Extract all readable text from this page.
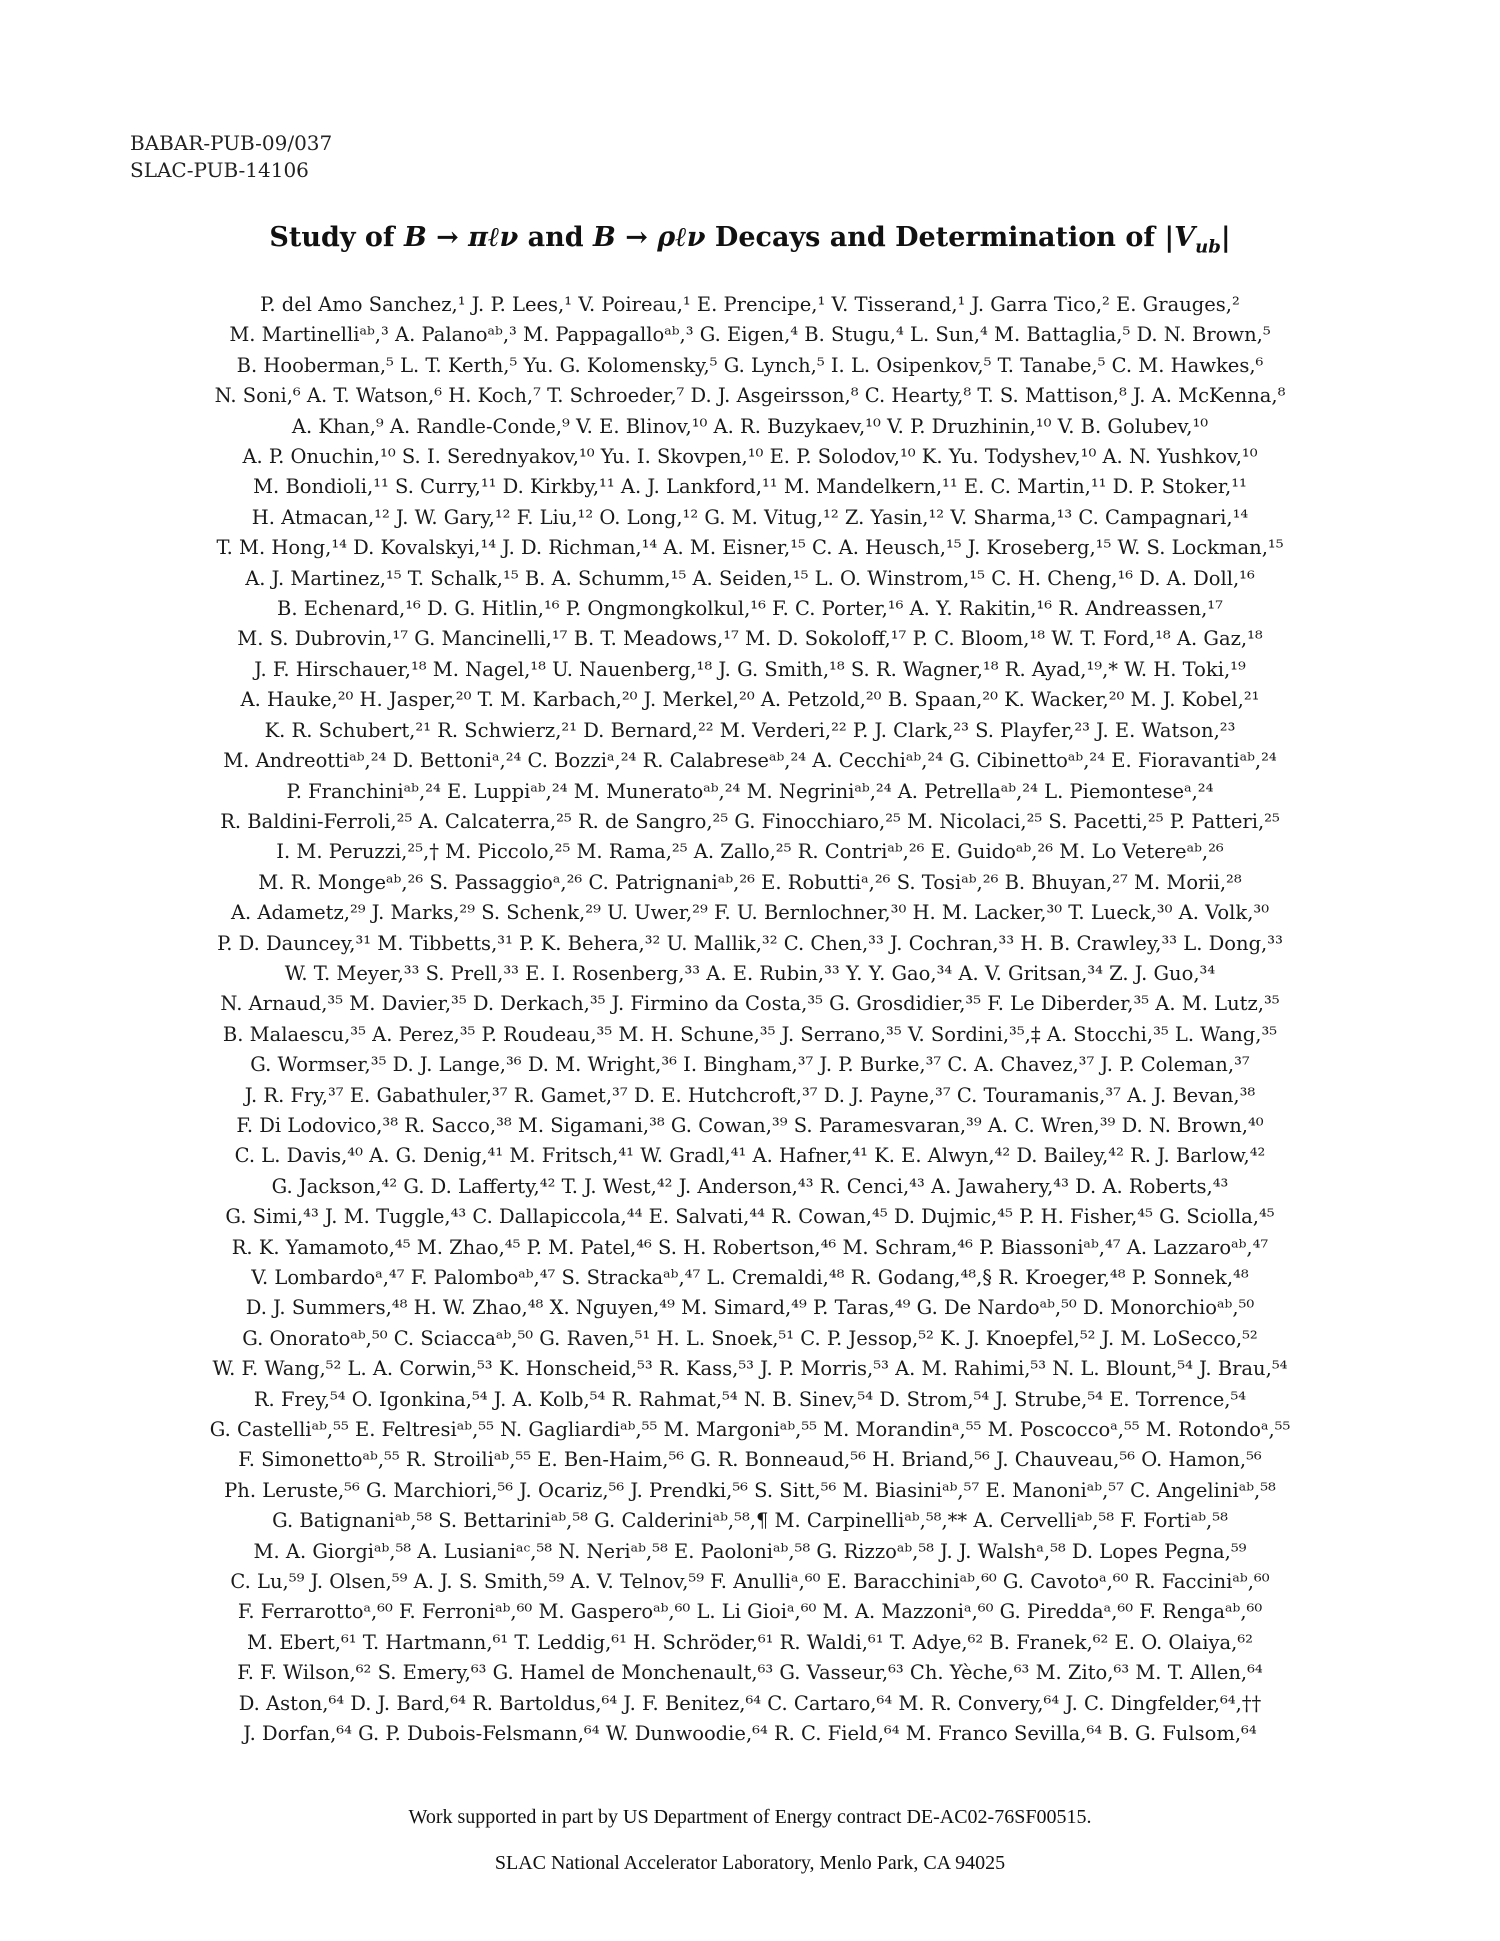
BABAR-PUB-09/037
SLAC-PUB-14106
Study of B → πℓν and B → ρℓν Decays and Determination of $|V_{ub}|$
P. del Amo Sanchez,¹ J. P. Lees,¹ V. Poireau,¹ E. Prencipe,¹ V. Tisserand,¹ J. Garra Tico,² E. Grauges,²
M. Martinelliᵃᵇ,³ A. Palanoᵃᵇ,³ M. Pappagalloᵃᵇ,³ G. Eigen,⁴ B. Stugu,⁴ L. Sun,⁴ M. Battaglia,⁵ D. N. Brown,⁵
B. Hooberman,⁵ L. T. Kerth,⁵ Yu. G. Kolomensky,⁵ G. Lynch,⁵ I. L. Osipenkov,⁵ T. Tanabe,⁵ C. M. Hawkes,⁶
N. Soni,⁶ A. T. Watson,⁶ H. Koch,⁷ T. Schroeder,⁷ D. J. Asgeirsson,⁸ C. Hearty,⁸ T. S. Mattison,⁸ J. A. McKenna,⁸
A. Khan,⁹ A. Randle-Conde,⁹ V. E. Blinov,¹⁰ A. R. Buzykaev,¹⁰ V. P. Druzhinin,¹⁰ V. B. Golubev,¹⁰
A. P. Onuchin,¹⁰ S. I. Serednyakov,¹⁰ Yu. I. Skovpen,¹⁰ E. P. Solodov,¹⁰ K. Yu. Todyshev,¹⁰ A. N. Yushkov,¹⁰
M. Bondioli,¹¹ S. Curry,¹¹ D. Kirkby,¹¹ A. J. Lankford,¹¹ M. Mandelkern,¹¹ E. C. Martin,¹¹ D. P. Stoker,¹¹
H. Atmacan,¹² J. W. Gary,¹² F. Liu,¹² O. Long,¹² G. M. Vitug,¹² Z. Yasin,¹² V. Sharma,¹³ C. Campagnari,¹⁴
T. M. Hong,¹⁴ D. Kovalskyi,¹⁴ J. D. Richman,¹⁴ A. M. Eisner,¹⁵ C. A. Heusch,¹⁵ J. Kroseberg,¹⁵ W. S. Lockman,¹⁵
A. J. Martinez,¹⁵ T. Schalk,¹⁵ B. A. Schumm,¹⁵ A. Seiden,¹⁵ L. O. Winstrom,¹⁵ C. H. Cheng,¹⁶ D. A. Doll,¹⁶
B. Echenard,¹⁶ D. G. Hitlin,¹⁶ P. Ongmongkolkul,¹⁶ F. C. Porter,¹⁶ A. Y. Rakitin,¹⁶ R. Andreassen,¹⁷
M. S. Dubrovin,¹⁷ G. Mancinelli,¹⁷ B. T. Meadows,¹⁷ M. D. Sokoloff,¹⁷ P. C. Bloom,¹⁸ W. T. Ford,¹⁸ A. Gaz,¹⁸
J. F. Hirschauer,¹⁸ M. Nagel,¹⁸ U. Nauenberg,¹⁸ J. G. Smith,¹⁸ S. R. Wagner,¹⁸ R. Ayad,¹⁹,* W. H. Toki,¹⁹
A. Hauke,²⁰ H. Jasper,²⁰ T. M. Karbach,²⁰ J. Merkel,²⁰ A. Petzold,²⁰ B. Spaan,²⁰ K. Wacker,²⁰ M. J. Kobel,²¹
K. R. Schubert,²¹ R. Schwierz,²¹ D. Bernard,²² M. Verderi,²² P. J. Clark,²³ S. Playfer,²³ J. E. Watson,²³
M. Andreottiᵃᵇ,²⁴ D. Bettoniᵃ,²⁴ C. Bozziᵃ,²⁴ R. Calabreseᵃᵇ,²⁴ A. Cecchiᵃᵇ,²⁴ G. Cibinettoᵃᵇ,²⁴ E. Fioravantiᵃᵇ,²⁴
P. Franchiniᵃᵇ,²⁴ E. Luppiᵃᵇ,²⁴ M. Muneratoᵃᵇ,²⁴ M. Negriniᵃᵇ,²⁴ A. Petrellaᵃᵇ,²⁴ L. Piemonteseᵃ,²⁴
R. Baldini-Ferroli,²⁵ A. Calcaterra,²⁵ R. de Sangro,²⁵ G. Finocchiaro,²⁵ M. Nicolaci,²⁵ S. Pacetti,²⁵ P. Patteri,²⁵
I. M. Peruzzi,²⁵,† M. Piccolo,²⁵ M. Rama,²⁵ A. Zallo,²⁵ R. Contriᵃᵇ,²⁶ E. Guidoᵃᵇ,²⁶ M. Lo Vetereᵃᵇ,²⁶
M. R. Mongeᵃᵇ,²⁶ S. Passaggioᵃ,²⁶ C. Patrignaniᵃᵇ,²⁶ E. Robuttiᵃ,²⁶ S. Tosiᵃᵇ,²⁶ B. Bhuyan,²⁷ M. Morii,²⁸
A. Adametz,²⁹ J. Marks,²⁹ S. Schenk,²⁹ U. Uwer,²⁹ F. U. Bernlochner,³⁰ H. M. Lacker,³⁰ T. Lueck,³⁰ A. Volk,³⁰
P. D. Dauncey,³¹ M. Tibbetts,³¹ P. K. Behera,³² U. Mallik,³² C. Chen,³³ J. Cochran,³³ H. B. Crawley,³³ L. Dong,³³
W. T. Meyer,³³ S. Prell,³³ E. I. Rosenberg,³³ A. E. Rubin,³³ Y. Y. Gao,³⁴ A. V. Gritsan,³⁴ Z. J. Guo,³⁴
N. Arnaud,³⁵ M. Davier,³⁵ D. Derkach,³⁵ J. Firmino da Costa,³⁵ G. Grosdidier,³⁵ F. Le Diberder,³⁵ A. M. Lutz,³⁵
B. Malaescu,³⁵ A. Perez,³⁵ P. Roudeau,³⁵ M. H. Schune,³⁵ J. Serrano,³⁵ V. Sordini,³⁵,‡ A. Stocchi,³⁵ L. Wang,³⁵
G. Wormser,³⁵ D. J. Lange,³⁶ D. M. Wright,³⁶ I. Bingham,³⁷ J. P. Burke,³⁷ C. A. Chavez,³⁷ J. P. Coleman,³⁷
J. R. Fry,³⁷ E. Gabathuler,³⁷ R. Gamet,³⁷ D. E. Hutchcroft,³⁷ D. J. Payne,³⁷ C. Touramanis,³⁷ A. J. Bevan,³⁸
F. Di Lodovico,³⁸ R. Sacco,³⁸ M. Sigamani,³⁸ G. Cowan,³⁹ S. Paramesvaran,³⁹ A. C. Wren,³⁹ D. N. Brown,⁴⁰
C. L. Davis,⁴⁰ A. G. Denig,⁴¹ M. Fritsch,⁴¹ W. Gradl,⁴¹ A. Hafner,⁴¹ K. E. Alwyn,⁴² D. Bailey,⁴² R. J. Barlow,⁴²
G. Jackson,⁴² G. D. Lafferty,⁴² T. J. West,⁴² J. Anderson,⁴³ R. Cenci,⁴³ A. Jawahery,⁴³ D. A. Roberts,⁴³
G. Simi,⁴³ J. M. Tuggle,⁴³ C. Dallapiccola,⁴⁴ E. Salvati,⁴⁴ R. Cowan,⁴⁵ D. Dujmic,⁴⁵ P. H. Fisher,⁴⁵ G. Sciolla,⁴⁵
R. K. Yamamoto,⁴⁵ M. Zhao,⁴⁵ P. M. Patel,⁴⁶ S. H. Robertson,⁴⁶ M. Schram,⁴⁶ P. Biassoniᵃᵇ,⁴⁷ A. Lazzaroᵃᵇ,⁴⁷
V. Lombardoᵃ,⁴⁷ F. Palomboᵃᵇ,⁴⁷ S. Strackaᵃᵇ,⁴⁷ L. Cremaldi,⁴⁸ R. Godang,⁴⁸,§ R. Kroeger,⁴⁸ P. Sonnek,⁴⁸
D. J. Summers,⁴⁸ H. W. Zhao,⁴⁸ X. Nguyen,⁴⁹ M. Simard,⁴⁹ P. Taras,⁴⁹ G. De Nardoᵃᵇ,⁵⁰ D. Monorchioᵃᵇ,⁵⁰
G. Onoratoᵃᵇ,⁵⁰ C. Sciaccaᵃᵇ,⁵⁰ G. Raven,⁵¹ H. L. Snoek,⁵¹ C. P. Jessop,⁵² K. J. Knoepfel,⁵² J. M. LoSecco,⁵²
W. F. Wang,⁵² L. A. Corwin,⁵³ K. Honscheid,⁵³ R. Kass,⁵³ J. P. Morris,⁵³ A. M. Rahimi,⁵³ N. L. Blount,⁵⁴ J. Brau,⁵⁴
R. Frey,⁵⁴ O. Igonkina,⁵⁴ J. A. Kolb,⁵⁴ R. Rahmat,⁵⁴ N. B. Sinev,⁵⁴ D. Strom,⁵⁴ J. Strube,⁵⁴ E. Torrence,⁵⁴
G. Castelliᵃᵇ,⁵⁵ E. Feltresiᵃᵇ,⁵⁵ N. Gagliardiᵃᵇ,⁵⁵ M. Margoniᵃᵇ,⁵⁵ M. Morandinᵃ,⁵⁵ M. Poscoccoᵃ,⁵⁵ M. Rotondoᵃ,⁵⁵
F. Simonettoᵃᵇ,⁵⁵ R. Stroiliᵃᵇ,⁵⁵ E. Ben-Haim,⁵⁶ G. R. Bonneaud,⁵⁶ H. Briand,⁵⁶ J. Chauveau,⁵⁶ O. Hamon,⁵⁶
Ph. Leruste,⁵⁶ G. Marchiori,⁵⁶ J. Ocariz,⁵⁶ J. Prendki,⁵⁶ S. Sitt,⁵⁶ M. Biasiniᵃᵇ,⁵⁷ E. Manoniᵃᵇ,⁵⁷ C. Angeliniᵃᵇ,⁵⁸
G. Batignaniᵃᵇ,⁵⁸ S. Bettariniᵃᵇ,⁵⁸ G. Calderiniᵃᵇ,⁵⁸,¶ M. Carpinelliᵃᵇ,⁵⁸,** A. Cervelliᵃᵇ,⁵⁸ F. Fortiᵃᵇ,⁵⁸
M. A. Giorgiᵃᵇ,⁵⁸ A. Lusianiᵃᶜ,⁵⁸ N. Neriᵃᵇ,⁵⁸ E. Paoloniᵃᵇ,⁵⁸ G. Rizzoᵃᵇ,⁵⁸ J. J. Walshᵃ,⁵⁸ D. Lopes Pegna,⁵⁹
C. Lu,⁵⁹ J. Olsen,⁵⁹ A. J. S. Smith,⁵⁹ A. V. Telnov,⁵⁹ F. Anulliᵃ,⁶⁰ E. Baracchiniᵃᵇ,⁶⁰ G. Cavotoᵃ,⁶⁰ R. Facciniᵃᵇ,⁶⁰
F. Ferrarottoᵃ,⁶⁰ F. Ferroniᵃᵇ,⁶⁰ M. Gasperoᵃᵇ,⁶⁰ L. Li Gioiᵃ,⁶⁰ M. A. Mazzoniᵃ,⁶⁰ G. Pireddaᵃ,⁶⁰ F. Rengaᵃᵇ,⁶⁰
M. Ebert,⁶¹ T. Hartmann,⁶¹ T. Leddig,⁶¹ H. Schröder,⁶¹ R. Waldi,⁶¹ T. Adye,⁶² B. Franek,⁶² E. O. Olaiya,⁶²
F. F. Wilson,⁶² S. Emery,⁶³ G. Hamel de Monchenault,⁶³ G. Vasseur,⁶³ Ch. Yèche,⁶³ M. Zito,⁶³ M. T. Allen,⁶⁴
D. Aston,⁶⁴ D. J. Bard,⁶⁴ R. Bartoldus,⁶⁴ J. F. Benitez,⁶⁴ C. Cartaro,⁶⁴ M. R. Convery,⁶⁴ J. C. Dingfelder,⁶⁴,††
J. Dorfan,⁶⁴ G. P. Dubois-Felsmann,⁶⁴ W. Dunwoodie,⁶⁴ R. C. Field,⁶⁴ M. Franco Sevilla,⁶⁴ B. G. Fulsom,⁶⁴
Work supported in part by US Department of Energy contract DE-AC02-76SF00515.
SLAC National Accelerator Laboratory, Menlo Park, CA 94025
